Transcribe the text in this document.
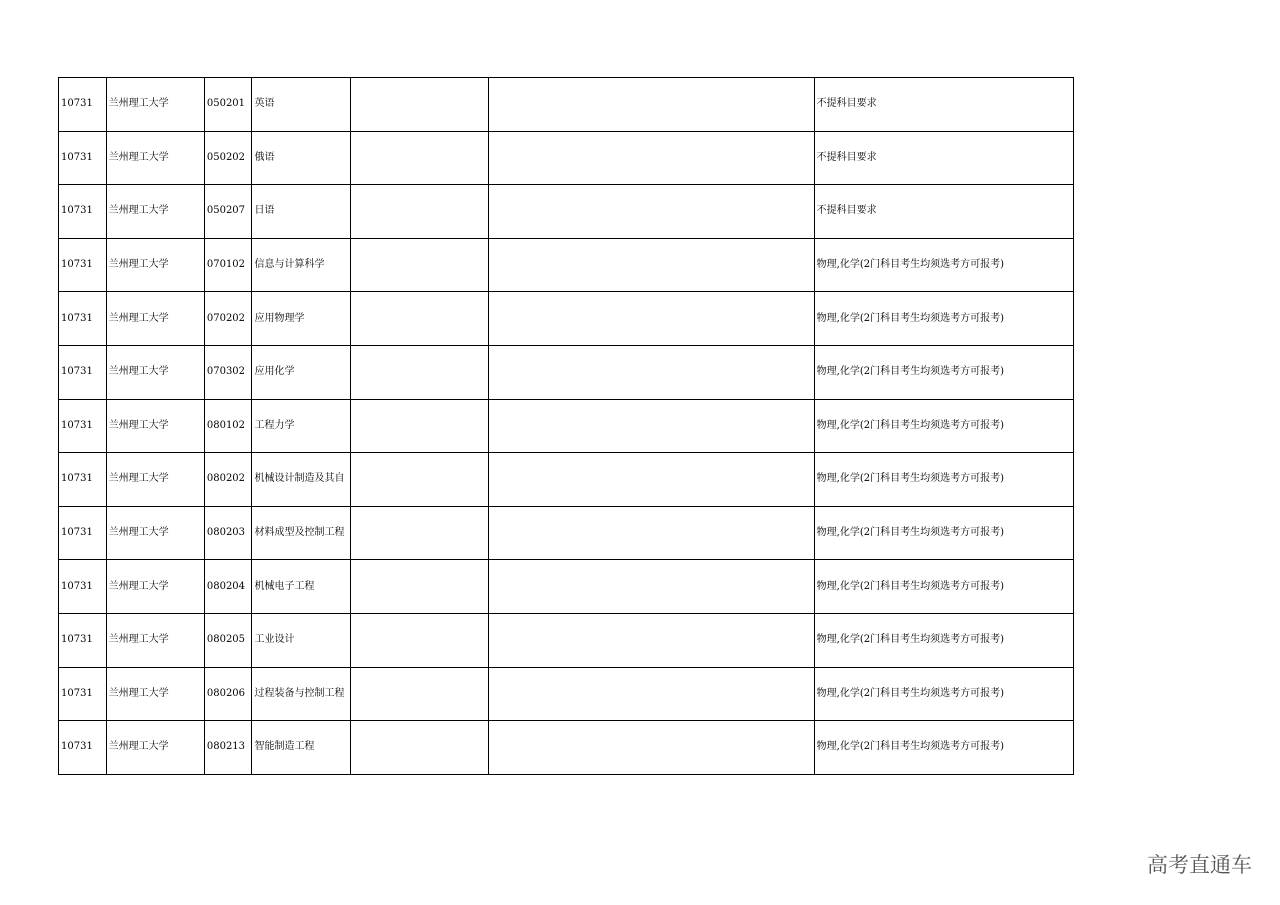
10731	兰州理工大学	050201	英语			不提科目要求
10731	兰州理工大学	050202	俄语			不提科目要求
10731	兰州理工大学	050207	日语			不提科目要求
10731	兰州理工大学	070102	信息与计算科学			物理,化学(2门科目考生均须选考方可报考)
10731	兰州理工大学	070202	应用物理学			物理,化学(2门科目考生均须选考方可报考)
10731	兰州理工大学	070302	应用化学			物理,化学(2门科目考生均须选考方可报考)
10731	兰州理工大学	080102	工程力学			物理,化学(2门科目考生均须选考方可报考)
10731	兰州理工大学	080202	机械设计制造及其自			物理,化学(2门科目考生均须选考方可报考)
10731	兰州理工大学	080203	材料成型及控制工程			物理,化学(2门科目考生均须选考方可报考)
10731	兰州理工大学	080204	机械电子工程			物理,化学(2门科目考生均须选考方可报考)
10731	兰州理工大学	080205	工业设计			物理,化学(2门科目考生均须选考方可报考)
10731	兰州理工大学	080206	过程装备与控制工程			物理,化学(2门科目考生均须选考方可报考)
10731	兰州理工大学	080213	智能制造工程			物理,化学(2门科目考生均须选考方可报考)
高考直通车
